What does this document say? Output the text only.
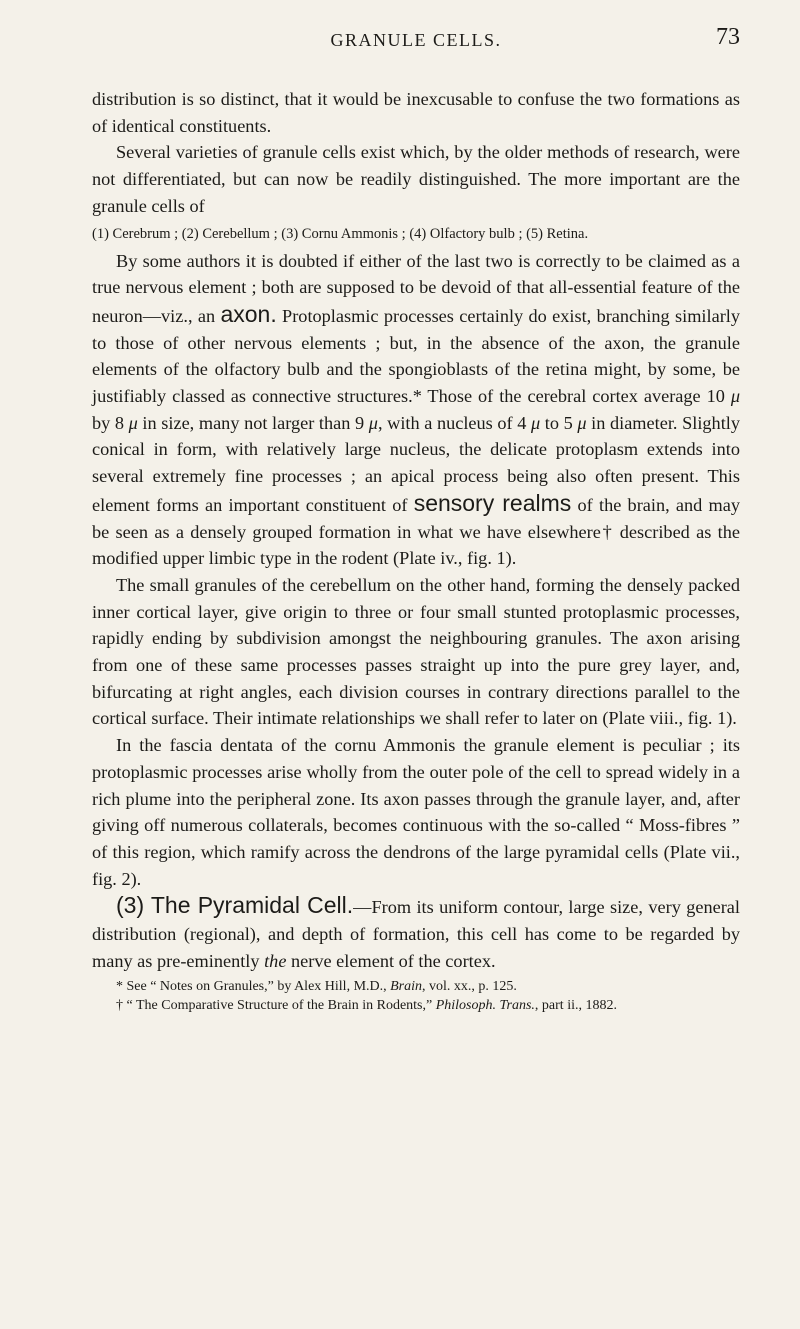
GRANULE CELLS.	73

distribution is so distinct, that it would be inexcusable to confuse the two formations as of identical constituents.

Several varieties of granule cells exist which, by the older methods of research, were not differentiated, but can now be readily distinguished. The more important are the granule cells of

(1) Cerebrum ; (2) Cerebellum ; (3) Cornu Ammonis ; (4) Olfactory bulb ; (5) Retina.

By some authors it is doubted if either of the last two is correctly to be claimed as a true nervous element ; both are supposed to be devoid of that all-essential feature of the neuron—viz., an axon. Protoplasmic processes certainly do exist, branching similarly to those of other nervous elements ; but, in the absence of the axon, the granule elements of the olfactory bulb and the spongioblasts of the retina might, by some, be justifiably classed as connective structures.* Those of the cerebral cortex average 10 μ by 8 μ in size, many not larger than 9 μ, with a nucleus of 4 μ to 5 μ in diameter. Slightly conical in form, with relatively large nucleus, the delicate protoplasm extends into several extremely fine processes ; an apical process being also often present. This element forms an important constituent of sensory realms of the brain, and may be seen as a densely grouped formation in what we have elsewhere† described as the modified upper limbic type in the rodent (Plate iv., fig. 1).

The small granules of the cerebellum on the other hand, forming the densely packed inner cortical layer, give origin to three or four small stunted protoplasmic processes, rapidly ending by subdivision amongst the neighbouring granules. The axon arising from one of these same processes passes straight up into the pure grey layer, and, bifurcating at right angles, each division courses in contrary directions parallel to the cortical surface. Their intimate relationships we shall refer to later on (Plate viii., fig. 1).

In the fascia dentata of the cornu Ammonis the granule element is peculiar ; its protoplasmic processes arise wholly from the outer pole of the cell to spread widely in a rich plume into the peripheral zone. Its axon passes through the granule layer, and, after giving off numerous collaterals, becomes continuous with the so-called “ Moss-fibres ” of this region, which ramify across the dendrons of the large pyramidal cells (Plate vii., fig. 2).

(3) The Pyramidal Cell.—From its uniform contour, large size, very general distribution (regional), and depth of formation, this cell has come to be regarded by many as pre-eminently the nerve element of the cortex.

* See “ Notes on Granules,” by Alex Hill, M.D., Brain, vol. xx., p. 125.

† “ The Comparative Structure of the Brain in Rodents,” Philosoph. Trans., part ii., 1882.
